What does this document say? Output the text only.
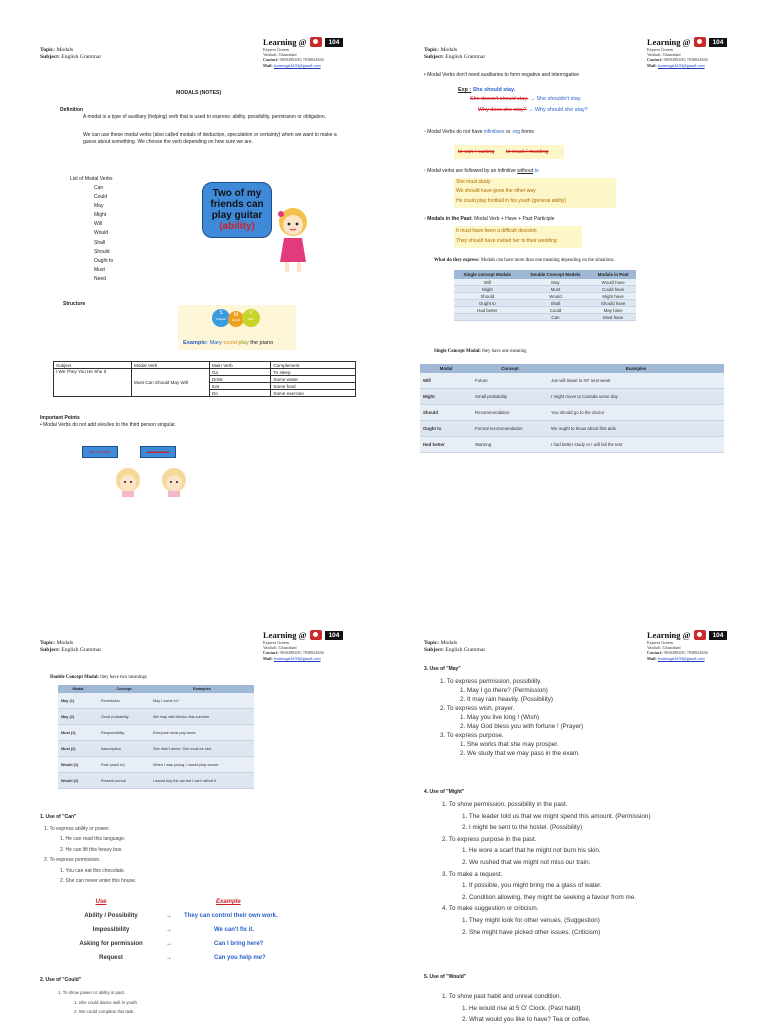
Topic: Modals
Subject: English Grammar
Learning @	104
Express Greens
Vaishali, Ghaziabad
Contact: 9650288100; 7838024636
Mail: learningath104@gmail.com
MODALS (NOTES)
Definition
A modal is a type of auxiliary (helping) verb that is used to express: ability, possibility, permission or obligation.
We can use these modal verbs (also called modals of deduction, speculation or certainty) when we want to make a guess about something. We choose the verb depending on how sure we are.
List of Modal Verbs
Can
Could
May
Might
Will
Would
Shall
Should
Ought to
Must
Need
Two of my friends can play guitar
(ability)
Structure
S
Subject
M
Modal
V
Verb
Example: Mary could play the piano
Subject	Modal Verb	Main Verb	Complement
I We They You He She It	Must Can Should May Will	Go	To sleep
		Drink	Some water
		Eat	Some food
		Do	Some exercise
Important Points
• Modal Verbs do not add s/es/ies to the third person singular.
He can swim	He cans swim
Topic: Modals
Subject: English Grammar
Learning @	104
Express Greens
Vaishali, Ghaziabad
Contact: 9650288100; 7838024636
Mail: learningath104@gmail.com
• Modal Verbs don't need auxiliaries to form negative and interrogative
Exp : She should stay.
She doesn't should stay. → She shouldn't stay.
Why does she stay? → Why should she stay?
• Modal Verbs do not have infinitives or -ing forms
to can / caning to must / musting
• Modal verbs are followed by an infinitive without to
She must study
We should have gone the other way
He could play football in his youth (general ability)
• Modals in the Past: Modal Verb + Have + Past Participle
It must have been a difficult decision
They should have invited her to their wedding
What do they express: Modals can have more than one meaning depending on the situations.
Single concept Modals	Double Concept Models	Modals in Past
Will	May	Would have
Might	Must	Could have
Should	Would	Might have
Ought to	Shall	Should have
Had better	Could	May have
	Can	Must have
Single Concept Modal: they have one meaning
Modal	Concept	Examples
Will	Future	Joe will travel to NY next week
Might	Small probability	I might move to Canada some day
Should	Recommendation	You should go to the doctor
Ought to	Formal recommendation	We ought to know about first aids
Had better	Warning	I had better study or I will fail the test
Topic: Modals
Subject: English Grammar
Learning @	104
Express Greens
Vaishali, Ghaziabad
Contact: 9650288100; 7838024636
Mail: learningath104@gmail.com
Double Concept Modal: they have two meanings
Modal	Concept	Examples
May (1)	Permission	May I come in?
May (2)	Good probability	We may visit Mexico this summer
Must (1)	Responsibility	Everyone must pay taxes
Must (2)	Assumption	She didn't arrive. She must be sick
Would (1)	Past (used to)	When I was young, I would play soccer
Would (2)	Present unreal	I would buy the car but I can't afford it
1. Use of "Can"
1. To express ability or power.
1. He can read this language.
2. He can lift this heavy box.
2. To express permission.
1. You can eat this chocolate.
2. She can never enter this house.
Use	Example
Ability / Possibility	→	They can control their own work.
Impossibility	→	We can't fix it.
Asking for permission	→	Can I bring here?
Request	→	Can you help me?
2. Use of "Could"
1. To show power or ability in past.
1. She could dance well in youth
2. We could complete this task.
Topic: Modals
Subject: English Grammar
Learning @	104
Express Greens
Vaishali, Ghaziabad
Contact: 9650288100; 7838024636
Mail: learningath104@gmail.com
3. Use of "May"
1. To express permission, possibility.
1. May I go there? (Permission)
2. It may rain heavily. (Possibility)
2. To express wish, prayer.
1. May you live long ! (Wish)
2. May God bless you with fortune ! (Prayer)
3. To express purpose.
1. She works that she may prosper.
2. We study that we may pass in the exam.
4. Use of "Might"
1. To show permission, possibility in the past.
1. The leader told us that we might spend this amount. (Permission)
2. I might be sent to the hostel. (Possibility)
2. To express purpose in the past.
1. He wore a scarf that he might not burn his skin.
2. We rushed that we might not miss our train.
3. To make a request.
1. If possible, you might bring me a glass of water.
2. Condition allowing, they might be seeking a favour from me.
4. To make suggestion or criticism.
1. They might look for other venues. (Suggestion)
2. She might have picked other issues. (Criticism)
5. Use of "Would"
1. To show past habit and unreal condition.
1. He would rise at 5 O' Clock. (Past habit)
2. What would you like to have? Tea or coffee.
